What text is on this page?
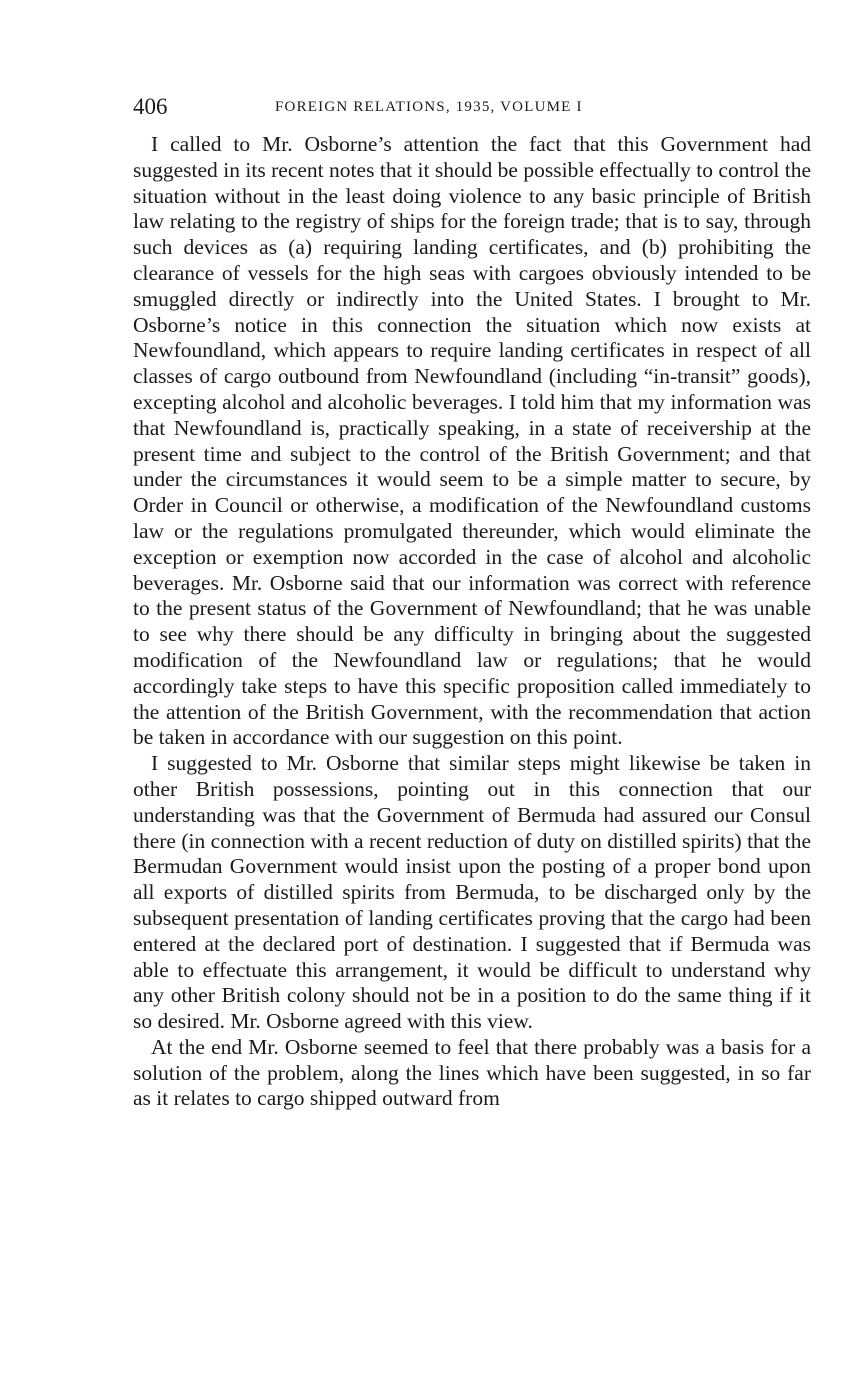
406	FOREIGN RELATIONS, 1935, VOLUME I

I called to Mr. Osborne’s attention the fact that this Government had suggested in its recent notes that it should be possible effectually to control the situation without in the least doing violence to any basic principle of British law relating to the registry of ships for the foreign trade; that is to say, through such devices as (a) requiring landing certificates, and (b) prohibiting the clearance of vessels for the high seas with cargoes obviously intended to be smuggled directly or indirectly into the United States. I brought to Mr. Osborne’s notice in this connection the situation which now exists at Newfoundland, which appears to require landing certificates in respect of all classes of cargo outbound from Newfoundland (including “in-transit” goods), excepting alcohol and alcoholic beverages. I told him that my information was that Newfoundland is, practically speaking, in a state of receivership at the present time and subject to the control of the British Government; and that under the circumstances it would seem to be a simple matter to secure, by Order in Council or otherwise, a modification of the Newfoundland customs law or the regulations promulgated thereunder, which would eliminate the exception or exemption now accorded in the case of alcohol and alcoholic beverages. Mr. Osborne said that our information was correct with reference to the present status of the Government of Newfoundland; that he was unable to see why there should be any difficulty in bringing about the suggested modification of the Newfoundland law or regulations; that he would accordingly take steps to have this specific proposition called immediately to the attention of the British Government, with the recommendation that action be taken in accordance with our suggestion on this point.

I suggested to Mr. Osborne that similar steps might likewise be taken in other British possessions, pointing out in this connection that our understanding was that the Government of Bermuda had assured our Consul there (in connection with a recent reduction of duty on distilled spirits) that the Bermudan Government would insist upon the posting of a proper bond upon all exports of distilled spirits from Bermuda, to be discharged only by the subsequent presentation of landing certificates proving that the cargo had been entered at the declared port of destination. I suggested that if Bermuda was able to effectuate this arrangement, it would be difficult to understand why any other British colony should not be in a position to do the same thing if it so desired. Mr. Osborne agreed with this view.

At the end Mr. Osborne seemed to feel that there probably was a basis for a solution of the problem, along the lines which have been suggested, in so far as it relates to cargo shipped outward from
